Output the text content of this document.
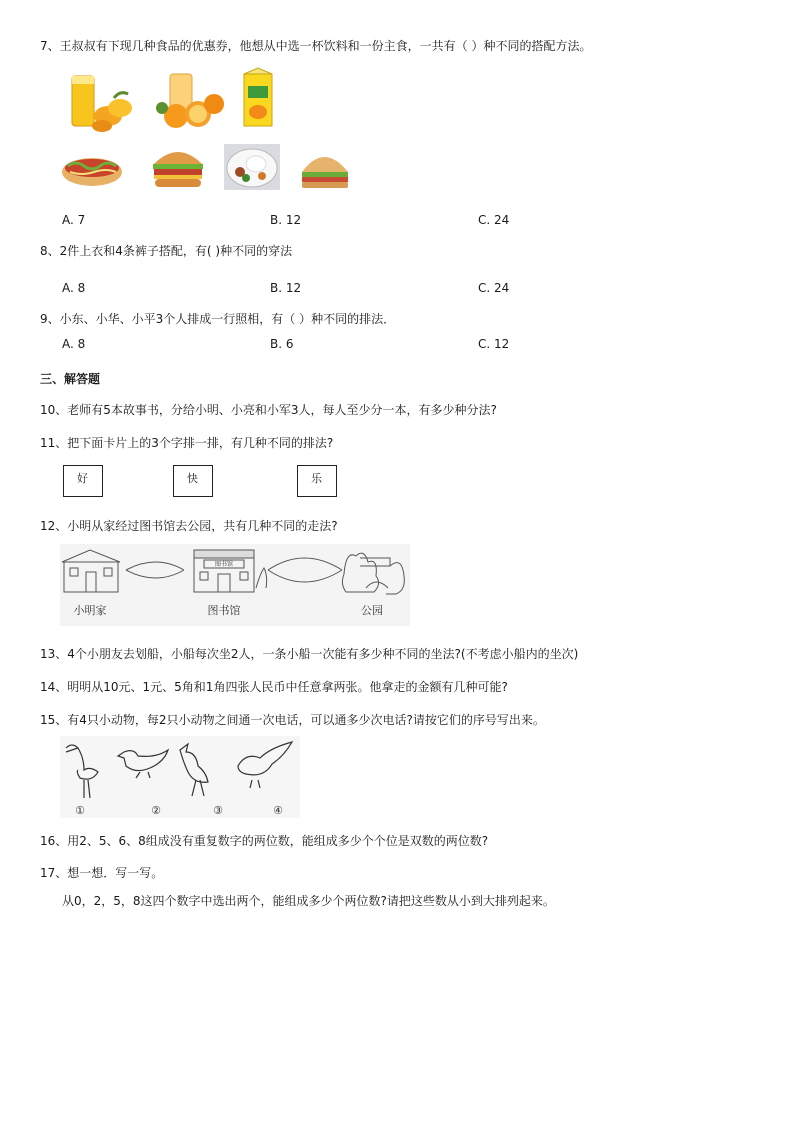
7、王叔叔有下现几种食品的优惠券，他想从中选一杯饮料和一份主食，一共有（ ）种不同的搭配方法。
A. 7	B. 12	C. 24
8、2件上衣和4条裤子搭配，有( )种不同的穿法
A. 8	B. 12	C. 24
9、小东、小华、小平3个人排成一行照相，有（ ）种不同的排法．
A. 8	B. 6	C. 12
三、解答题
10、老师有5本故事书，分给小明、小亮和小军3人，每人至少分一本，有多少种分法?
11、把下面卡片上的3个字排一排，有几种不同的排法?
好	快	乐
12、小明从家经过图书馆去公园，共有几种不同的走法?
图书馆
小明家	图书馆	公园
13、4个小朋友去划船，小船每次坐2人，一条小船一次能有多少种不同的坐法?(不考虑小船内的坐次)
14、明明从10元、1元、5角和1角四张人民币中任意拿两张。他拿走的金额有几种可能?
15、有4只小动物，每2只小动物之间通一次电话，可以通多少次电话?请按它们的序号写出来。
①	②	③	④
16、用2、5、6、8组成没有重复数字的两位数，能组成多少个个位是双数的两位数?
17、想一想．写一写。
从0，2，5，8这四个数字中选出两个，能组成多少个两位数?请把这些数从小到大排列起来。
